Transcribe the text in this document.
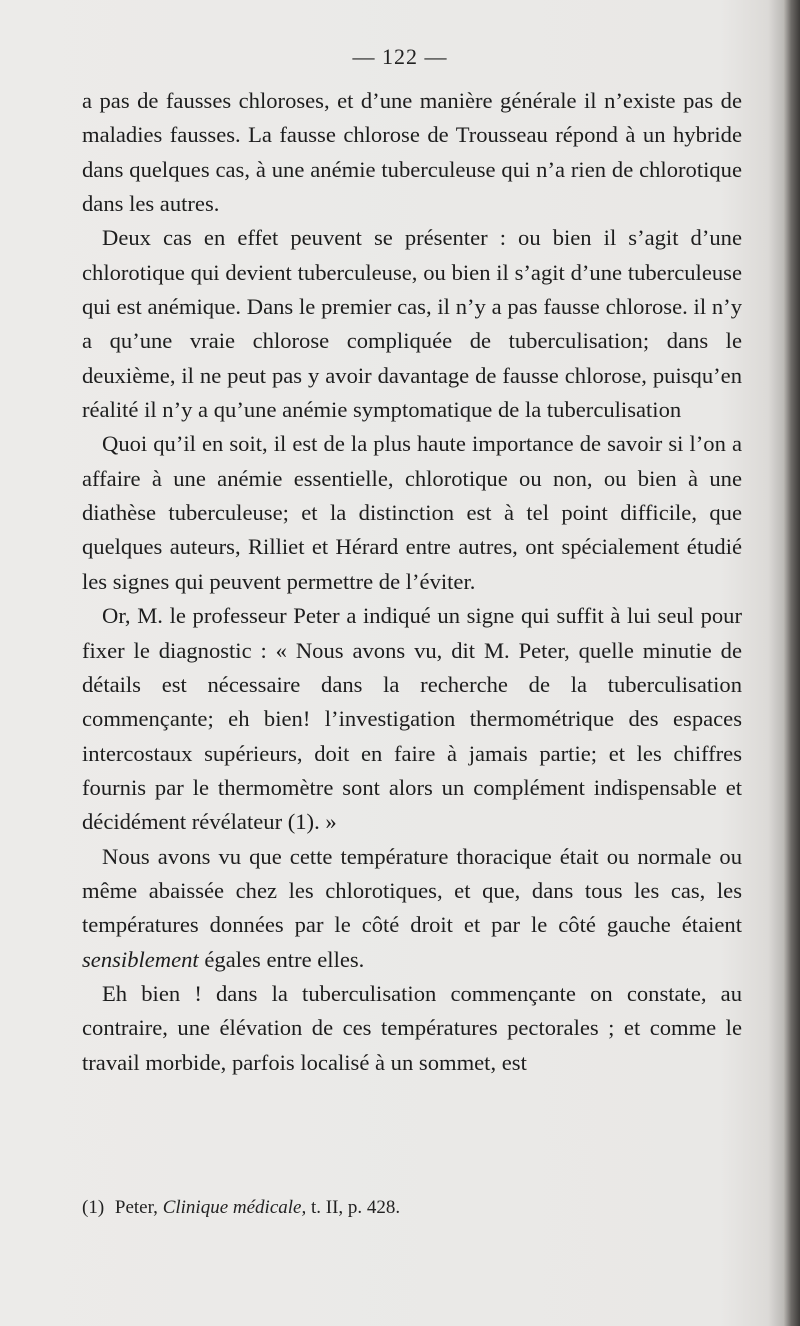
— 122 —

a pas de fausses chloroses, et d’une manière générale il n’existe pas de maladies fausses. La fausse chlorose de Trousseau répond à un hybride dans quelques cas, à une anémie tuberculeuse qui n’a rien de chlorotique dans les autres.

Deux cas en effet peuvent se présenter : ou bien il s’agit d’une chlorotique qui devient tuberculeuse, ou bien il s’agit d’une tuberculeuse qui est anémique. Dans le premier cas, il n’y a pas fausse chlorose. il n’y a qu’une vraie chlorose compliquée de tuberculisation; dans le deuxième, il ne peut pas y avoir davantage de fausse chlorose, puisqu’en réalité il n’y a qu’une anémie symptomatique de la tuberculisation

Quoi qu’il en soit, il est de la plus haute importance de savoir si l’on a affaire à une anémie essentielle, chlorotique ou non, ou bien à une diathèse tuberculeuse; et la distinction est à tel point difficile, que quelques auteurs, Rilliet et Hérard entre autres, ont spécialement étudié les signes qui peuvent permettre de l’éviter.

Or, M. le professeur Peter a indiqué un signe qui suffit à lui seul pour fixer le diagnostic : « Nous avons vu, dit M. Peter, quelle minutie de détails est nécessaire dans la recherche de la tuberculisation commençante; eh bien! l’investigation thermométrique des espaces intercostaux supérieurs, doit en faire à jamais partie; et les chiffres fournis par le thermomètre sont alors un complément indispensable et décidément révélateur (1). »

Nous avons vu que cette température thoracique était ou normale ou même abaissée chez les chlorotiques, et que, dans tous les cas, les températures données par le côté droit et par le côté gauche étaient sensiblement égales entre elles.

Eh bien ! dans la tuberculisation commençante on constate, au contraire, une élévation de ces températures pectorales ; et comme le travail morbide, parfois localisé à un sommet, est

(1) Peter, Clinique médicale, t. II, p. 428.
